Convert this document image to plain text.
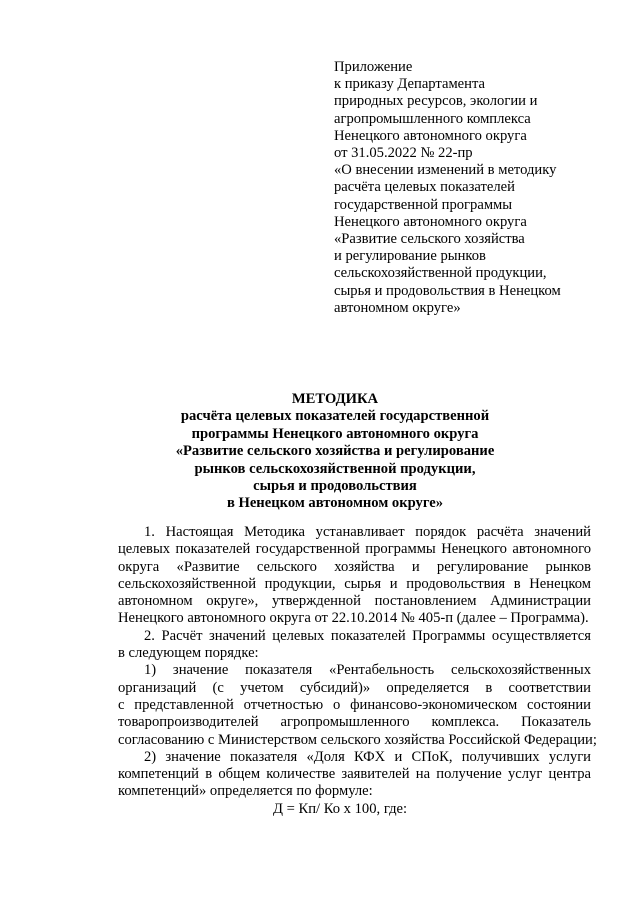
Приложение
к приказу Департамента
природных ресурсов, экологии и
агропромышленного комплекса
Ненецкого автономного округа
от 31.05.2022 № 22-пр
«О внесении изменений в методику
расчёта целевых показателей
государственной программы
Ненецкого автономного округа
«Развитие сельского хозяйства
и регулирование рынков
сельскохозяйственной продукции,
сырья и продовольствия в Ненецком
автономном округе»
МЕТОДИКА
расчёта целевых показателей государственной
программы Ненецкого автономного округа
«Развитие сельского хозяйства и регулирование
рынков сельскохозяйственной продукции,
сырья и продовольствия
в Ненецком автономном округе»
1. Настоящая Методика устанавливает порядок расчёта значений
целевых показателей государственной программы Ненецкого автономного
округа «Развитие сельского хозяйства и регулирование рынков
сельскохозяйственной продукции, сырья и продовольствия в Ненецком
автономном округе», утвержденной постановлением Администрации
Ненецкого автономного округа от 22.10.2014 № 405-п (далее – Программа).
2. Расчёт значений целевых показателей Программы осуществляется
в следующем порядке:
1) значение показателя «Рентабельность сельскохозяйственных
организаций (с учетом субсидий)» определяется в соответствии
с представленной отчетностью о финансово-экономическом состоянии
товаропроизводителей агропромышленного комплекса. Показатель
согласованию с Министерством сельского хозяйства Российской Федерации;
2) значение показателя «Доля КФХ и СПоК, получивших услуги
компетенций в общем количестве заявителей на получение услуг центра
компетенций» определяется по формуле:
Д = Кп/ Ко х 100, где:
